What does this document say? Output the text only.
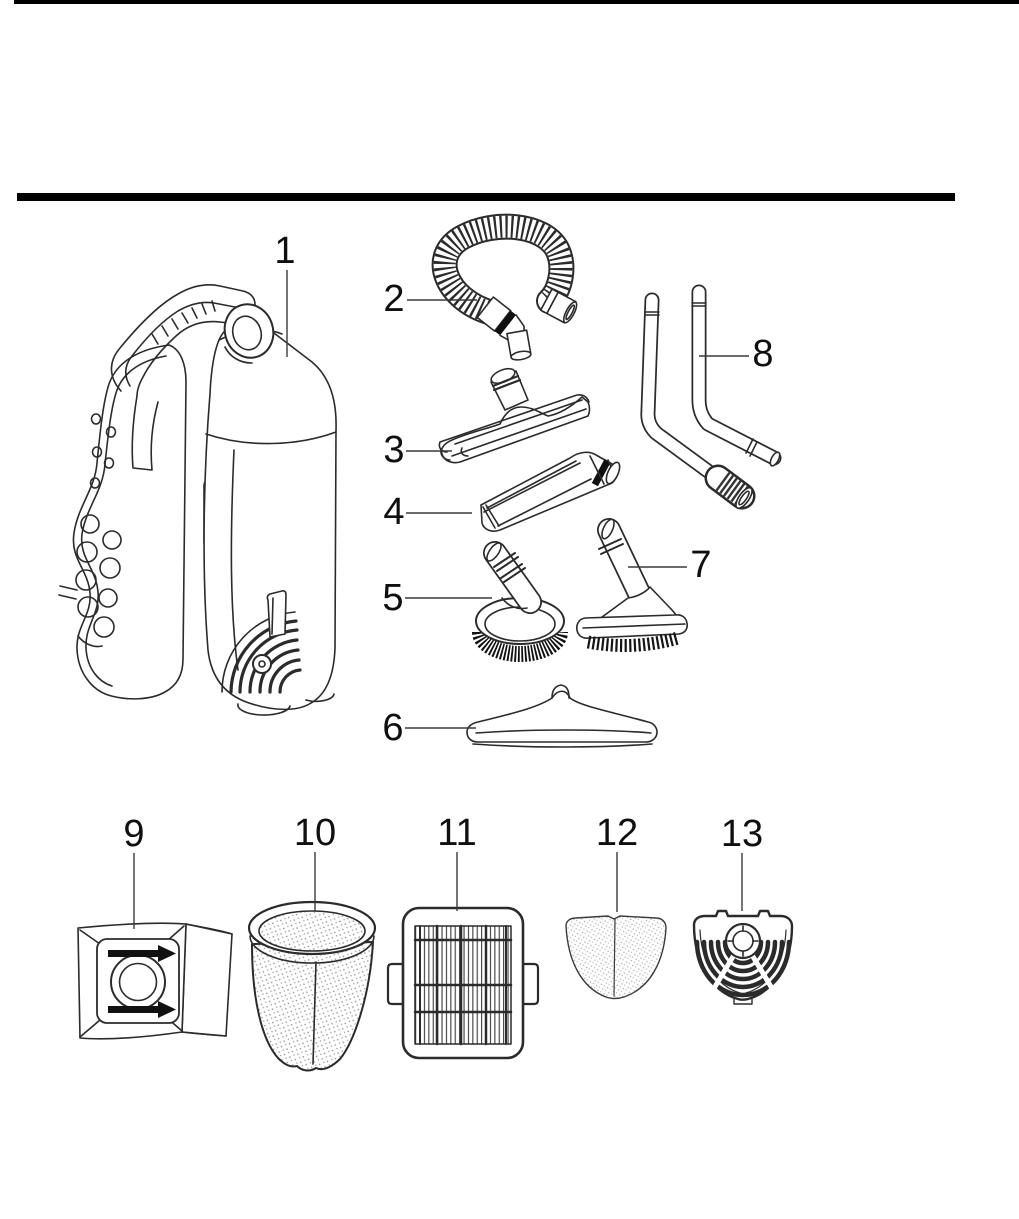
1
2
3
4
5
6
7
8
9	10	11	12 13
